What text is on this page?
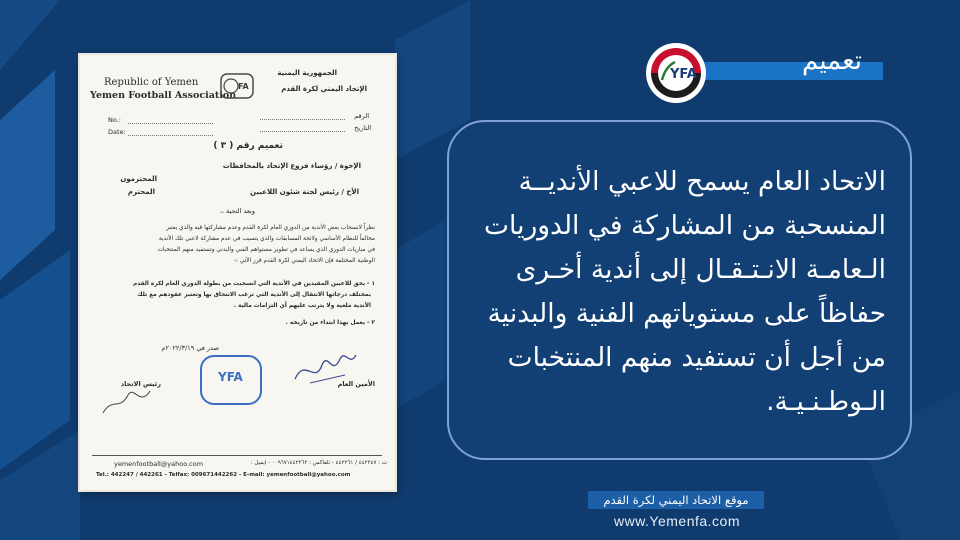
Republic of Yemen
Yemen Football Association
الجمهورية اليمنية
الإتحاد اليمني لكرة القدم
FA
No.:
Date:
الرقم
التاريخ
تعميم رقم ( ٣ )
الإخوة / رؤساء فروع الإتحاد بالمحافظات
المحترمون
الأخ / رئيس لجنة شئون اللاعبين
المحترم
وبعد التحية ،،
نظراً لانسحاب بعض الأندية من الدوري العام لكرة القدم وعدم مشاركتها فيه والذي يعتبر
مخالفاً للنظام الأساسي ولائحة المسابقات والذي يتسبب في عدم مشاركة لاعبي تلك الأندية
في مباريات الدوري الذي يساعد في تطوير مستواهم الفني والبدني وتستفيد منهم المنتخبات
الوطنية المختلفة فإن الاتحاد اليمني لكرة القدم قرر الآتي :-
١ - يحق للاعبين المقيدين في الأندية التي انسحبت من بطولة الدوري العام لكرة القدم
بمختلف درجاتها الانتقال إلى الأندية التي ترغب الانتحاق بها وتعتبر عقودهم مع تلك
الأندية ملغية ولا يترتب عليهم أي التزامات مالية .
٢ - يعمل بهذا ابتداء من تاريخه .
صدر في ٢٠٢٢/٣/١٩م
الأمين العام
YFA
رئيس الاتحاد
yemenfootball@yahoo.com	ت : ٤٤٢٢٤٧ / ٤٤٢٢٦١ - تلفاكس : ٠٠٩٦٧١٤٤٢٢٦٢ - ايميل :
Tel.: 442247 / 442261 - Telfax: 009671442262 - E-mail: yemenfootball@yahoo.com
تعميم
YFA
الاتحاد العام يسمح للاعبي الأنديــة
المنسحبة من المشاركة في الدوريات
الـعامـة الانـتـقـال إلى أندية أخـرى
حفاظاً على مستوياتهم الفنية والبدنية
من أجل أن تستفيد منهم المنتخبات
الـوطـنـيـة.
موقع الاتحاد اليمني لكرة القدم
www.Yemenfa.com
